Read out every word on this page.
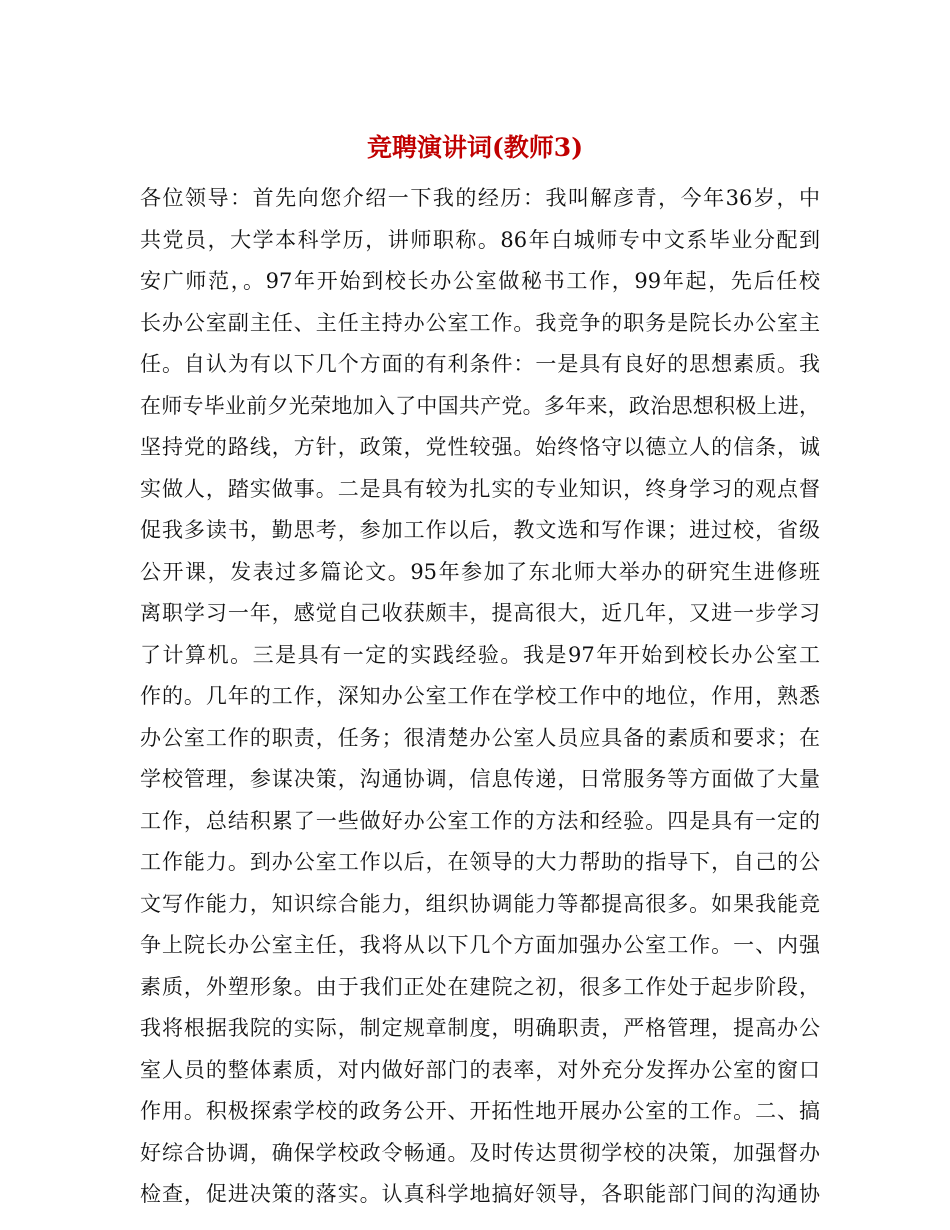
竞聘演讲词(教师3)
各位领导：首先向您介绍一下我的经历：我叫解彦青，今年36岁，中
共党员，大学本科学历，讲师职称。86年白城师专中文系毕业分配到
安广师范，。97年开始到校长办公室做秘书工作，99年起，先后任校
长办公室副主任、主任主持办公室工作。我竞争的职务是院长办公室主
任。自认为有以下几个方面的有利条件：一是具有良好的思想素质。我
在师专毕业前夕光荣地加入了中国共产党。多年来，政治思想积极上进，
坚持党的路线，方针，政策，党性较强。始终恪守以德立人的信条，诚
实做人，踏实做事。二是具有较为扎实的专业知识，终身学习的观点督
促我多读书，勤思考，参加工作以后，教文选和写作课；进过校，省级
公开课，发表过多篇论文。95年参加了东北师大举办的研究生进修班
离职学习一年，感觉自己收获颇丰，提高很大，近几年，又进一步学习
了计算机。三是具有一定的实践经验。我是97年开始到校长办公室工
作的。几年的工作，深知办公室工作在学校工作中的地位，作用，熟悉
办公室工作的职责，任务；很清楚办公室人员应具备的素质和要求；在
学校管理，参谋决策，沟通协调，信息传递，日常服务等方面做了大量
工作，总结积累了一些做好办公室工作的方法和经验。四是具有一定的
工作能力。到办公室工作以后，在领导的大力帮助的指导下，自己的公
文写作能力，知识综合能力，组织协调能力等都提高很多。如果我能竞
争上院长办公室主任，我将从以下几个方面加强办公室工作。一、内强
素质，外塑形象。由于我们正处在建院之初，很多工作处于起步阶段，
我将根据我院的实际，制定规章制度，明确职责，严格管理，提高办公
室人员的整体素质，对内做好部门的表率，对外充分发挥办公室的窗口
作用。积极探索学校的政务公开、开拓性地开展办公室的工作。二、搞
好综合协调，确保学校政令畅通。及时传达贯彻学校的决策，加强督办
检查，促进决策的落实。认真科学地搞好领导，各职能部门间的沟通协
